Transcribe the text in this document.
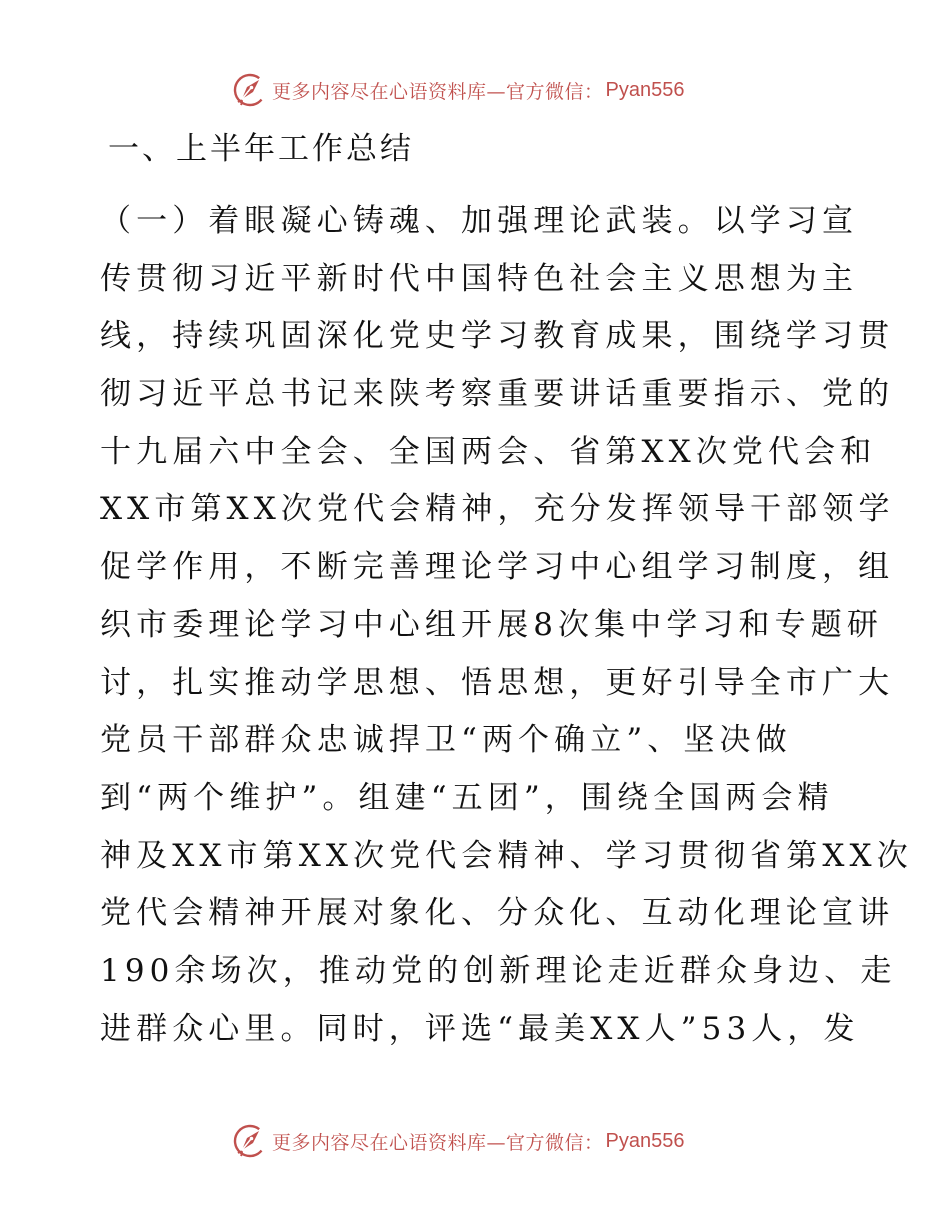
更多内容尽在心语资料库—官方微信： Pyan556
一、上半年工作总结
（一）着眼凝心铸魂、加强理论武装。以学习宣
传贯彻习近平新时代中国特色社会主义思想为主
线，持续巩固深化党史学习教育成果，围绕学习贯
彻习近平总书记来陕考察重要讲话重要指示、党的
十九届六中全会、全国两会、省第XX次党代会和
XX市第XX次党代会精神，充分发挥领导干部领学
促学作用，不断完善理论学习中心组学习制度，组
织市委理论学习中心组开展8次集中学习和专题研
讨，扎实推动学思想、悟思想，更好引导全市广大
党员干部群众忠诚捍卫“两个确立”、坚决做
到“两个维护”。组建“五团”，围绕全国两会精
神及XX市第XX次党代会精神、学习贯彻省第XX次
党代会精神开展对象化、分众化、互动化理论宣讲
190余场次，推动党的创新理论走近群众身边、走
进群众心里。同时，评选“最美XX人”53人，发
更多内容尽在心语资料库—官方微信： Pyan556
